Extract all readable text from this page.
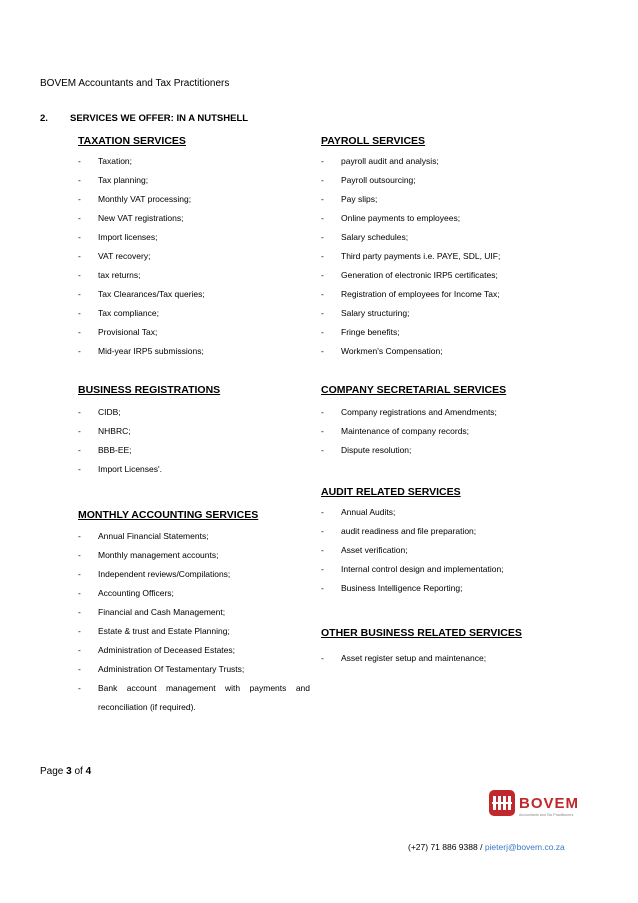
BOVEM Accountants and Tax Practitioners
2. SERVICES WE OFFER: IN A NUTSHELL
TAXATION SERVICES
- Taxation;
- Tax planning;
- Monthly VAT processing;
- New VAT registrations;
- Import licenses;
- VAT recovery;
- tax returns;
- Tax Clearances/Tax queries;
- Tax compliance;
- Provisional Tax;
- Mid-year IRP5 submissions;
BUSINESS REGISTRATIONS
- CIDB;
- NHBRC;
- BBB-EE;
- Import Licenses'.
MONTHLY ACCOUNTING SERVICES
- Annual Financial Statements;
- Monthly management accounts;
- Independent reviews/Compilations;
- Accounting Officers;
- Financial and Cash Management;
- Estate & trust and Estate Planning;
- Administration of Deceased Estates;
- Administration Of Testamentary Trusts;
- Bank account management with payments and reconciliation (if required).
PAYROLL SERVICES
- payroll audit and analysis;
- Payroll outsourcing;
- Pay slips;
- Online payments to employees;
- Salary schedules;
- Third party payments i.e. PAYE, SDL, UIF;
- Generation of electronic IRP5 certificates;
- Registration of employees for Income Tax;
- Salary structuring;
- Fringe benefits;
- Workmen's Compensation;
COMPANY SECRETARIAL SERVICES
- Company registrations and Amendments;
- Maintenance of company records;
- Dispute resolution;
AUDIT RELATED SERVICES
- Annual Audits;
- audit readiness and file preparation;
- Asset verification;
- Internal control design and implementation;
- Business Intelligence Reporting;
OTHER BUSINESS RELATED SERVICES
- Asset register setup and maintenance;
Page 3 of 4
BOVEM
Accountants and Tax Practitioners
(+27) 71 886 9388 / pieterj@bovem.co.za
